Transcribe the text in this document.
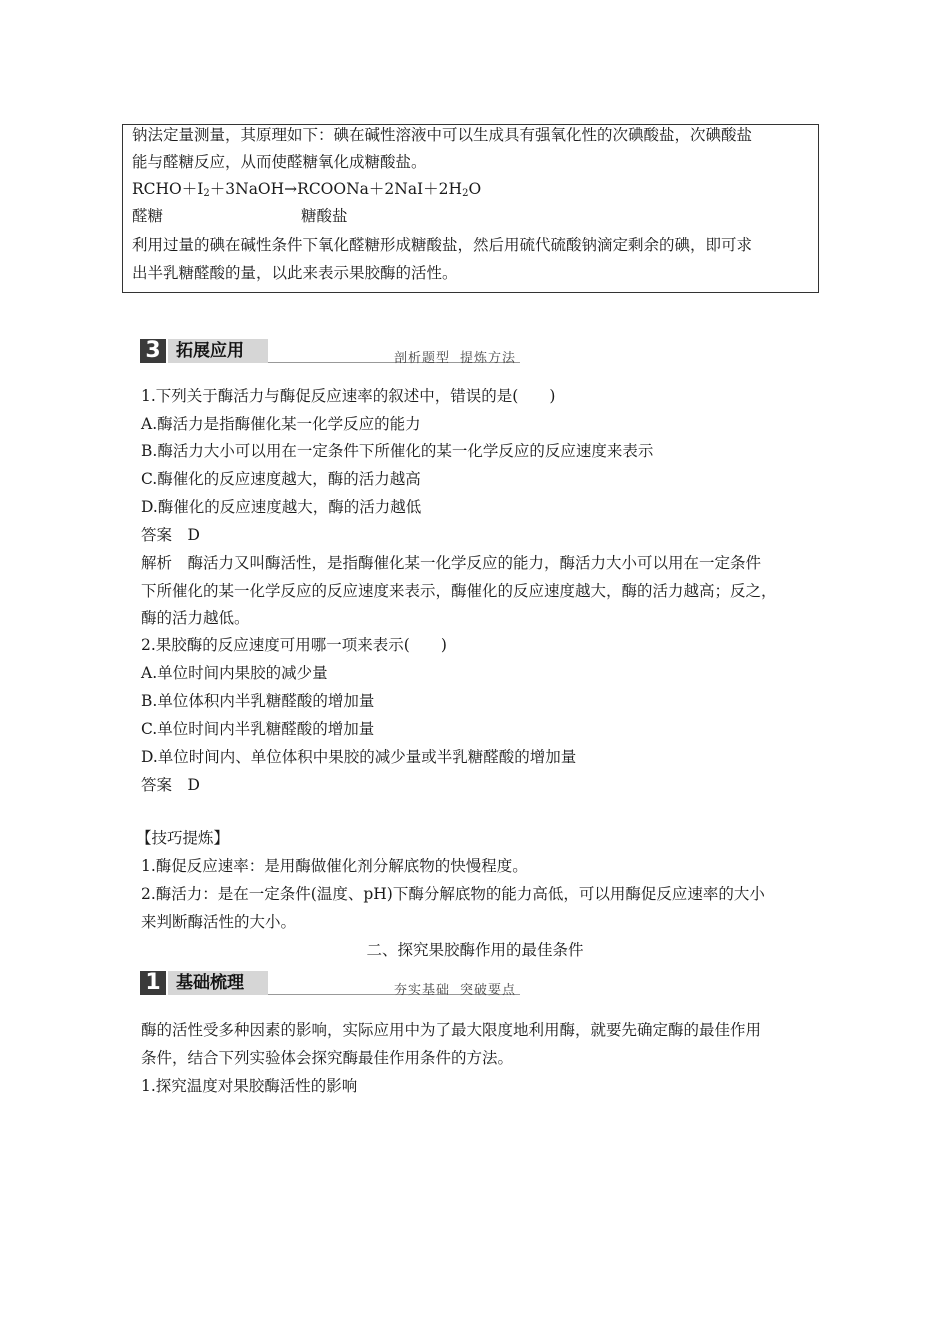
钠法定量测量，其原理如下：碘在碱性溶液中可以生成具有强氧化性的次碘酸盐，次碘酸盐
能与醛糖反应，从而使醛糖氧化成糖酸盐。
$RCHO+I_2+3NaOH\to RCOONa+2NaI+2H_2O$
醛糖	糖酸盐
利用过量的碘在碱性条件下氧化醛糖形成糖酸盐，然后用硫代硫酸钠滴定剩余的碘，即可求
出半乳糖醛酸的量，以此来表示果胶酶的活性。
3 拓展应用	剖析题型 提炼方法
1.下列关于酶活力与酶促反应速率的叙述中，错误的是(　　)
A.酶活力是指酶催化某一化学反应的能力
B.酶活力大小可以用在一定条件下所催化的某一化学反应的反应速度来表示
C.酶催化的反应速度越大，酶的活力越高
D.酶催化的反应速度越大，酶的活力越低
答案　D
解析　酶活力又叫酶活性，是指酶催化某一化学反应的能力，酶活力大小可以用在一定条件
下所催化的某一化学反应的反应速度来表示，酶催化的反应速度越大，酶的活力越高；反之，
酶的活力越低。
2.果胶酶的反应速度可用哪一项来表示(　　)
A.单位时间内果胶的减少量
B.单位体积内半乳糖醛酸的增加量
C.单位时间内半乳糖醛酸的增加量
D.单位时间内、单位体积中果胶的减少量或半乳糖醛酸的增加量
答案　D
【技巧提炼】
1.酶促反应速率：是用酶做催化剂分解底物的快慢程度。
2.酶活力：是在一定条件(温度、pH)下酶分解底物的能力高低，可以用酶促反应速率的大小
来判断酶活性的大小。
二、探究果胶酶作用的最佳条件
1 基础梳理	夯实基础 突破要点
酶的活性受多种因素的影响，实际应用中为了最大限度地利用酶，就要先确定酶的最佳作用
条件，结合下列实验体会探究酶最佳作用条件的方法。
1.探究温度对果胶酶活性的影响
